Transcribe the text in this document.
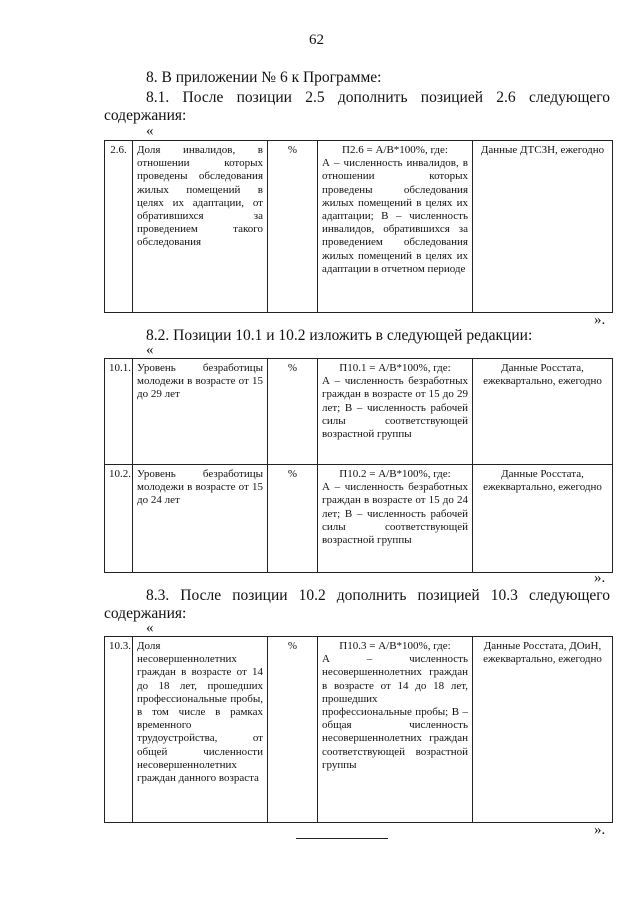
62
8. В приложении № 6 к Программе:
8.1. После позиции 2.5 дополнить позицией 2.6 следующего
содержания:
«
2.6.	Доля инвалидов, в отношении которых проведены обследования жилых помещений в целях их адаптации, от обратившихся за проведением такого обследования	%	П2.6 = A/B*100%, где:
А – численность инвалидов, в отношении которых проведены обследования жилых помещений в целях их адаптации; В – численность инвалидов, обратившихся за проведением обследования жилых помещений в целях их адаптации в отчетном периоде
	Данные ДТСЗН, ежегодно
».
8.2. Позиции 10.1 и 10.2 изложить в следующей редакции:
«
10.1.	Уровень безработицы молодежи в возрасте от 15 до 29 лет	%	П10.1 = A/B*100%, где:
А – численность безработных граждан в возрасте от 15 до 29 лет; В – численность рабочей силы соответствующей возрастной группы	Данные Росстата, ежеквартально, ежегодно
10.2.	Уровень безработицы молодежи в возрасте от 15 до 24 лет	%	П10.2 = A/B*100%, где:
А – численность безработных граждан в возрасте от 15 до 24 лет; В – численность рабочей силы соответствующей возрастной группы	Данные Росстата, ежеквартально, ежегодно
».
8.3. После позиции 10.2 дополнить позицией 10.3 следующего
содержания:
«
10.3.	Доля несовершеннолетних граждан в возрасте от 14 до 18 лет, прошедших профессиональные пробы, в том числе в рамках временного трудоустройства, от общей численности несовершеннолетних граждан данного возраста	%	П10.3 = A/B*100%, где:
А – численность несовершеннолетних граждан в возрасте от 14 до 18 лет, прошедших профессиональные пробы; В – общая численность несовершеннолетних граждан соответствующей возрастной группы
	Данные Росстата, ДОиН, ежеквартально, ежегодно
».
